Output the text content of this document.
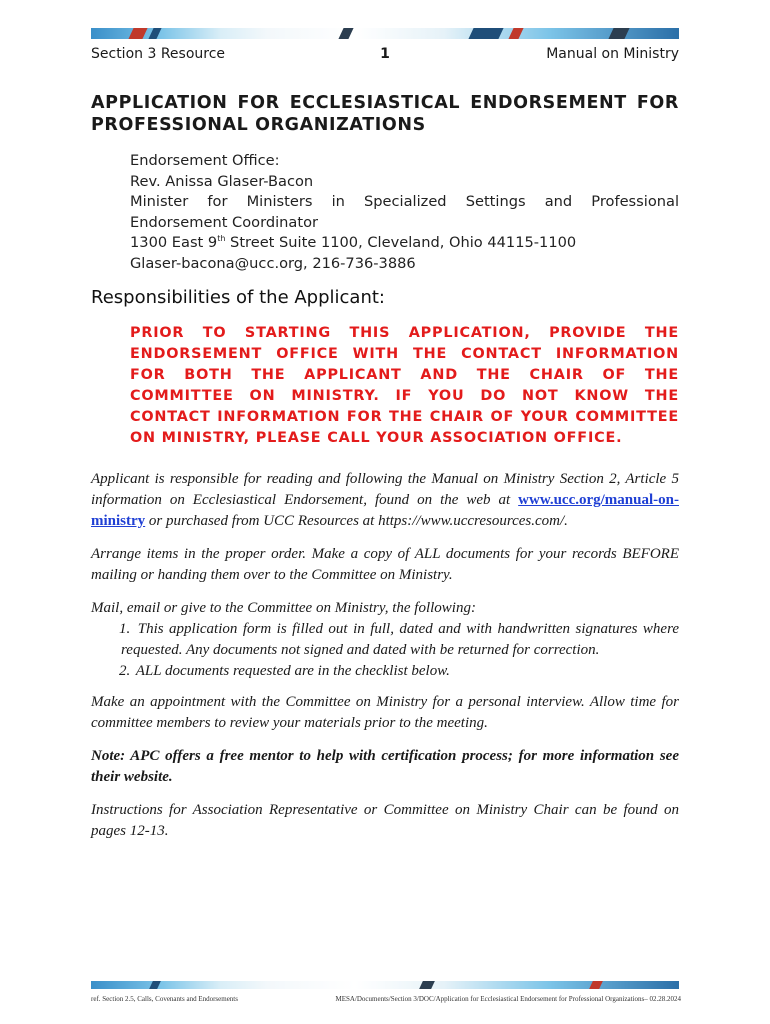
Section 3 Resource	1	Manual on Ministry
APPLICATION FOR ECCLESIASTICAL ENDORSEMENT FOR PROFESSIONAL ORGANIZATIONS
Endorsement Office:
Rev. Anissa Glaser-Bacon
Minister for Ministers in Specialized Settings and Professional
Endorsement Coordinator
1300 East 9th Street Suite 1100, Cleveland, Ohio 44115-1100
Glaser-bacona@ucc.org, 216-736-3886
Responsibilities of the Applicant:
PRIOR TO STARTING THIS APPLICATION, PROVIDE THE ENDORSEMENT OFFICE WITH THE CONTACT INFORMATION FOR BOTH THE APPLICANT AND THE CHAIR OF THE COMMITTEE ON MINISTRY. IF YOU DO NOT KNOW THE CONTACT INFORMATION FOR THE CHAIR OF YOUR COMMITTEE ON MINISTRY, PLEASE CALL YOUR ASSOCIATION OFFICE.

Applicant is responsible for reading and following the Manual on Ministry Section 2, Article 5 information on Ecclesiastical Endorsement, found on the web at www.ucc.org/manual-on-ministry or purchased from UCC Resources at https://www.uccresources.com/.

Arrange items in the proper order. Make a copy of ALL documents for your records BEFORE mailing or handing them over to the Committee on Ministry.

Mail, email or give to the Committee on Ministry, the following:

1. This application form is filled out in full, dated and with handwritten signatures where requested. Any documents not signed and dated with be returned for correction.
2. ALL documents requested are in the checklist below.

Make an appointment with the Committee on Ministry for a personal interview. Allow time for committee members to review your materials prior to the meeting.

Note: APC offers a free mentor to help with certification process; for more information see their website.

Instructions for Association Representative or Committee on Ministry Chair can be found on pages 12-13.

ref. Section 2.5, Calls, Covenants and Endorsements	MESA/Documents/Section 3/DOC/Application for Ecclesiastical Endorsement for Professional Organizations– 02.28.2024
